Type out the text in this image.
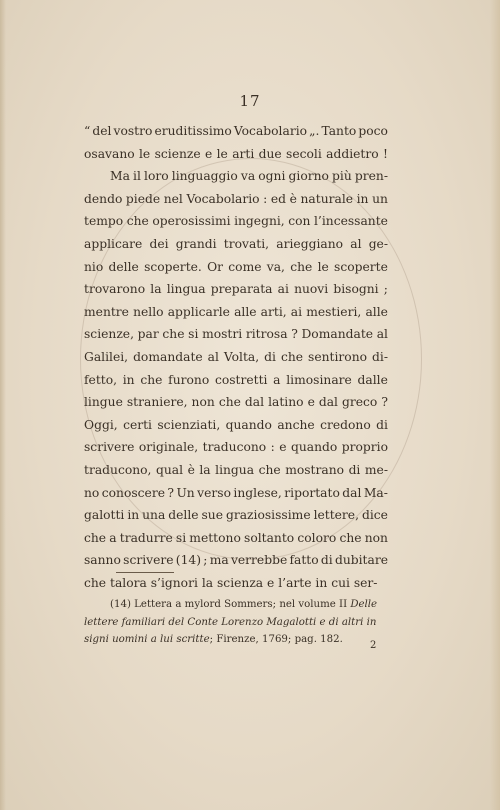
17
“ del vostro eruditissimo Vocabolario „. Tanto poco
osavano le scienze e le arti due secoli addietro !
Ma il loro linguaggio va ogni giorno più pren-
dendo piede nel Vocabolario : ed è naturale in un
tempo che operosissimi ingegni, con l’incessante
applicare dei grandi trovati, arieggiano al ge-
nio delle scoperte. Or come va, che le scoperte
trovarono la lingua preparata ai nuovi bisogni ;
mentre nello applicarle alle arti, ai mestieri, alle
scienze, par che si mostri ritrosa ? Domandate al
Galilei, domandate al Volta, di che sentirono di-
fetto, in che furono costretti a limosinare dalle
lingue straniere, non che dal latino e dal greco ?
Oggi, certi scienziati, quando anche credono di
scrivere originale, traducono : e quando proprio
traducono, qual è la lingua che mostrano di me-
no conoscere ? Un verso inglese, riportato dal Ma-
galotti in una delle sue graziosissime lettere, dice
che a tradurre si mettono soltanto coloro che non
sanno scrivere (14) ; ma verrebbe fatto di dubitare
che talora s’ignori la scienza e l’arte in cui ser-
(14) Lettera a mylord Sommers; nel volume II Delle
lettere familiari del Conte Lorenzo Magalotti e di altri in
signi uomini a lui scritte; Firenze, 1769; pag. 182.
2
